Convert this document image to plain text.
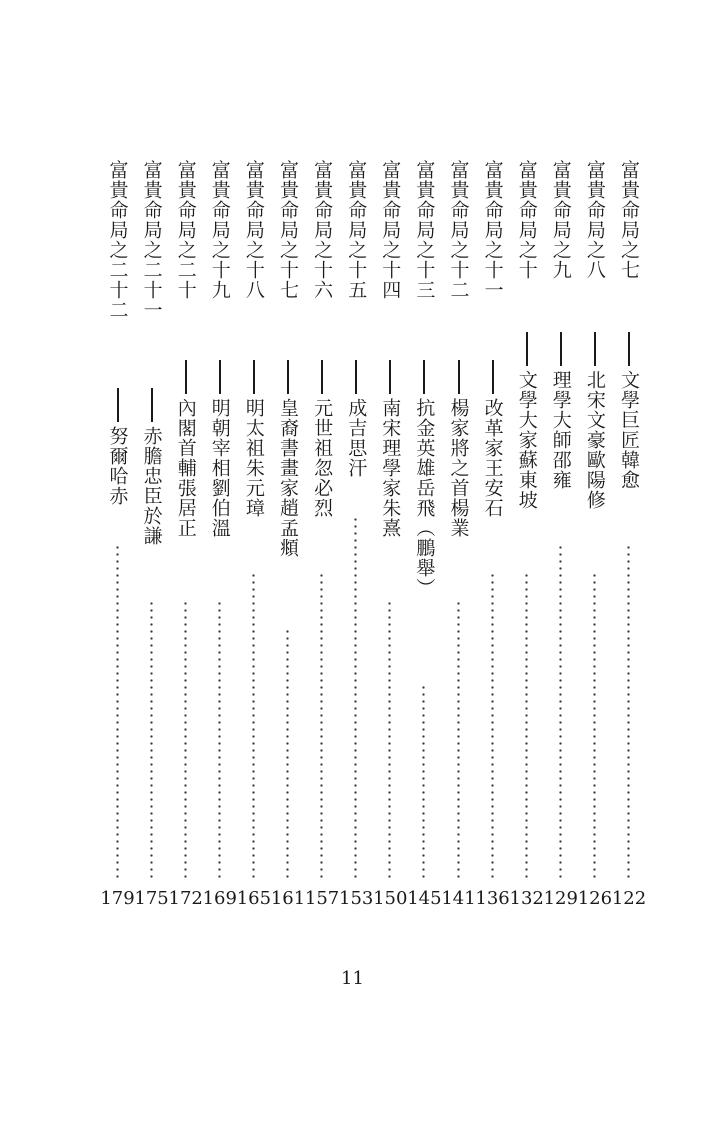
富貴命局之七
文學巨匠韓愈
122
富貴命局之八
北宋文豪歐陽修
126
富貴命局之九
理學大師邵雍
129
富貴命局之十
文學大家蘇東坡
132
富貴命局之十一
改革家王安石
136
富貴命局之十二
楊家將之首楊業
141
富貴命局之十三
抗金英雄岳飛（鵬舉）
145
富貴命局之十四
南宋理學家朱熹
150
富貴命局之十五
成吉思汗
153
富貴命局之十六
元世祖忽必烈
157
富貴命局之十七
皇裔書畫家趙孟頫
161
富貴命局之十八
明太祖朱元璋
165
富貴命局之十九
明朝宰相劉伯溫
169
富貴命局之二十
內閣首輔張居正
172
富貴命局之二十一
赤膽忠臣於謙
175
富貴命局之二十二
努爾哈赤
179
11
